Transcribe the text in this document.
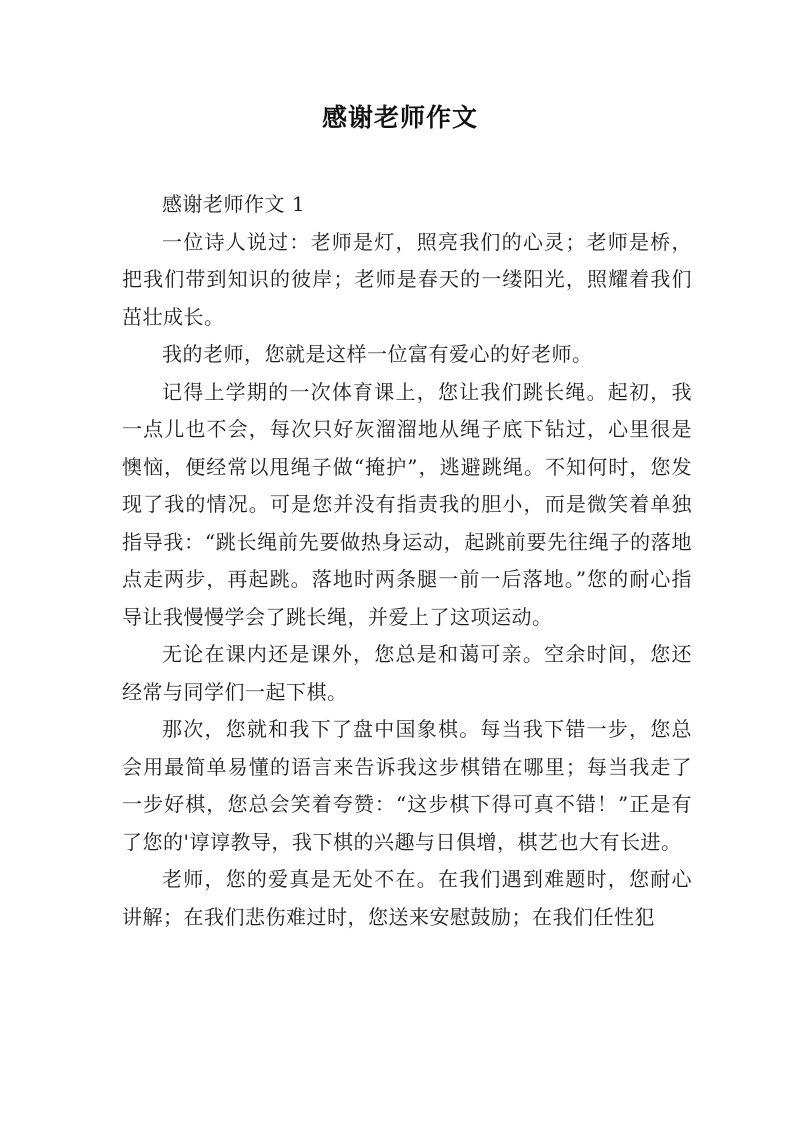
感谢老师作文

感谢老师作文 1

一位诗人说过：老师是灯，照亮我们的心灵；老师是桥，把我们带到知识的彼岸；老师是春天的一缕阳光，照耀着我们茁壮成长。

我的老师，您就是这样一位富有爱心的好老师。

记得上学期的一次体育课上，您让我们跳长绳。起初，我一点儿也不会，每次只好灰溜溜地从绳子底下钻过，心里很是懊恼，便经常以甩绳子做“掩护”，逃避跳绳。不知何时，您发现了我的情况。可是您并没有指责我的胆小，而是微笑着单独指导我：“跳长绳前先要做热身运动，起跳前要先往绳子的落地点走两步，再起跳。落地时两条腿一前一后落地。”您的耐心指导让我慢慢学会了跳长绳，并爱上了这项运动。

无论在课内还是课外，您总是和蔼可亲。空余时间，您还经常与同学们一起下棋。

那次，您就和我下了盘中国象棋。每当我下错一步，您总会用最简单易懂的语言来告诉我这步棋错在哪里；每当我走了一步好棋，您总会笑着夸赞：“这步棋下得可真不错！”正是有了您的'谆谆教导，我下棋的兴趣与日俱增，棋艺也大有长进。

老师，您的爱真是无处不在。在我们遇到难题时，您耐心讲解；在我们悲伤难过时，您送来安慰鼓励；在我们任性犯
